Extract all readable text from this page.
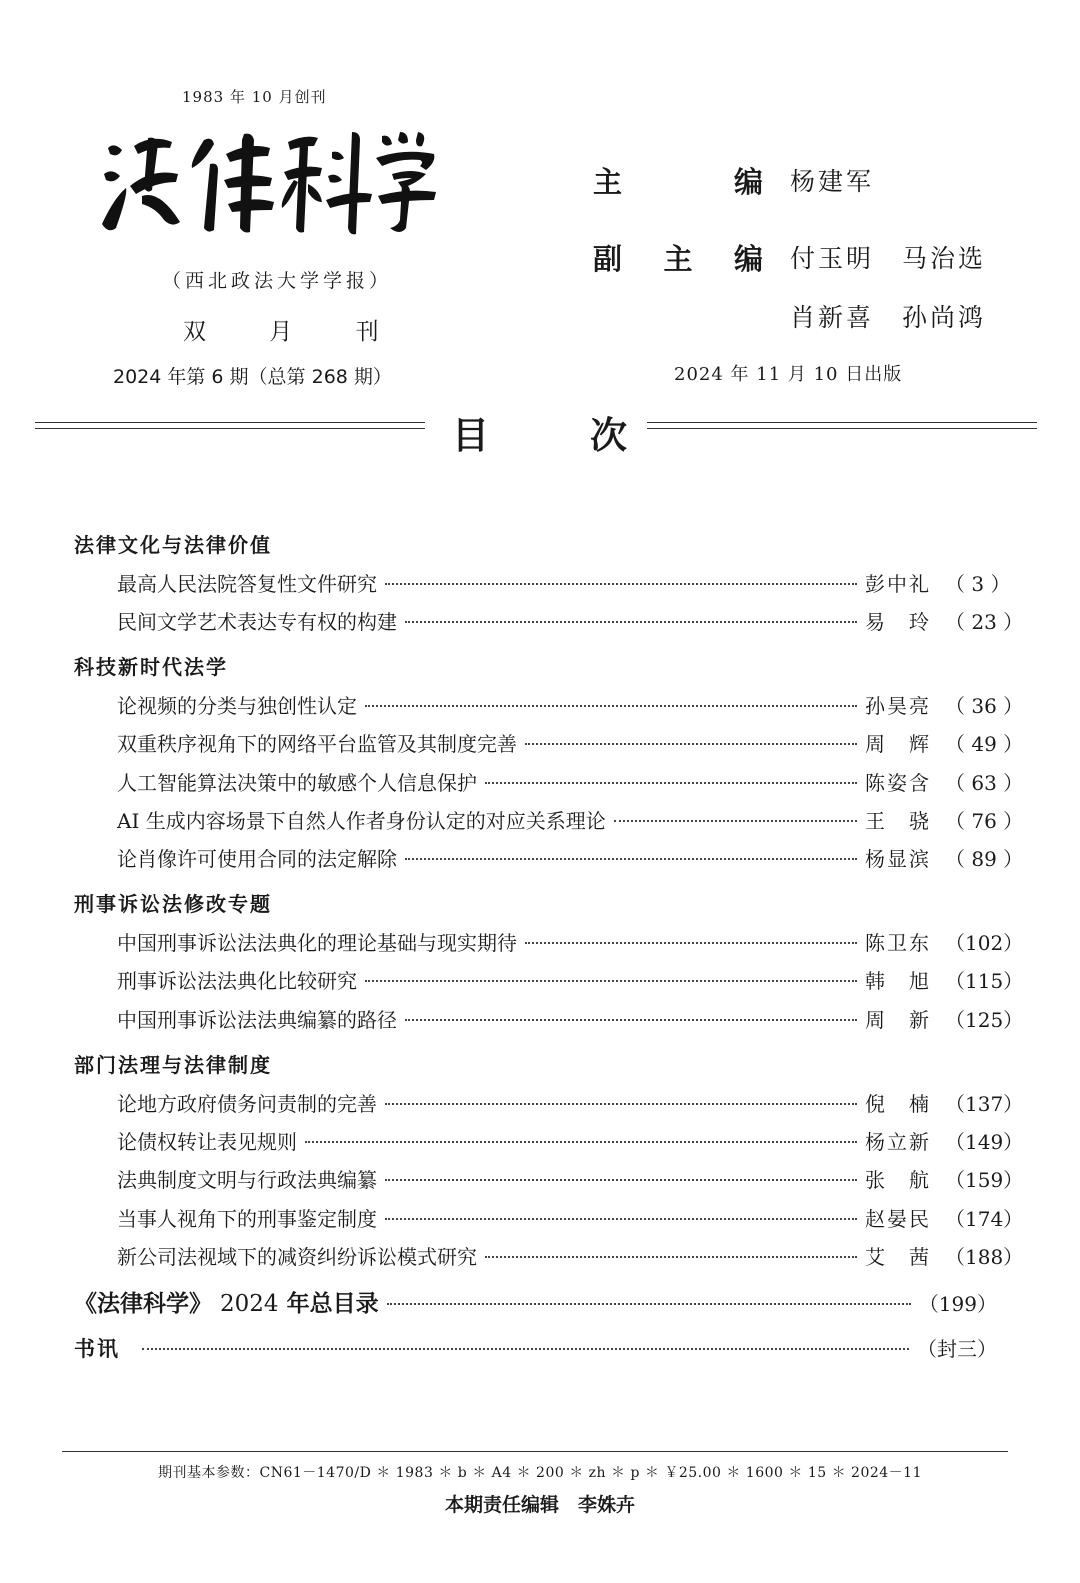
1983 年 10 月创刊
（西北政法大学学报）
双 月 刊
2024 年第 6 期（总第 268 期）
主	编 杨建军
副 主 编 付玉明　马治选
肖新喜　孙尚鸿
2024 年 11 月 10 日出版
目	次
法律文化与法律价值
最高人民法院答复性文件研究	彭中礼 （ 3 ）
民间文学艺术表达专有权的构建	易　玲 （ 23 ）
科技新时代法学
论视频的分类与独创性认定	孙昊亮 （ 36 ）
双重秩序视角下的网络平台监管及其制度完善	周　辉 （ 49 ）
人工智能算法决策中的敏感个人信息保护	陈姿含 （ 63 ）
AI 生成内容场景下自然人作者身份认定的对应关系理论	王　骁 （ 76 ）
论肖像许可使用合同的法定解除	杨显滨 （ 89 ）
刑事诉讼法修改专题
中国刑事诉讼法法典化的理论基础与现实期待	陈卫东 （102）
刑事诉讼法法典化比较研究	韩　旭 （115）
中国刑事诉讼法法典编纂的路径	周　新 （125）
部门法理与法律制度
论地方政府债务问责制的完善	倪　楠 （137）
论债权转让表见规则	杨立新 （149）
法典制度文明与行政法典编纂	张　航 （159）
当事人视角下的刑事鉴定制度	赵晏民 （174）
新公司法视域下的减资纠纷诉讼模式研究	艾　茜 （188）
《法律科学》 2024 年总目录	（199）
书讯	（封三）
期刊基本参数：CN61－1470/D ＊ 1983 ＊ b ＊ A4 ＊ 200 ＊ zh ＊ p ＊ ￥25.00 ＊ 1600 ＊ 15 ＊ 2024－11
本期责任编辑　李姝卉
